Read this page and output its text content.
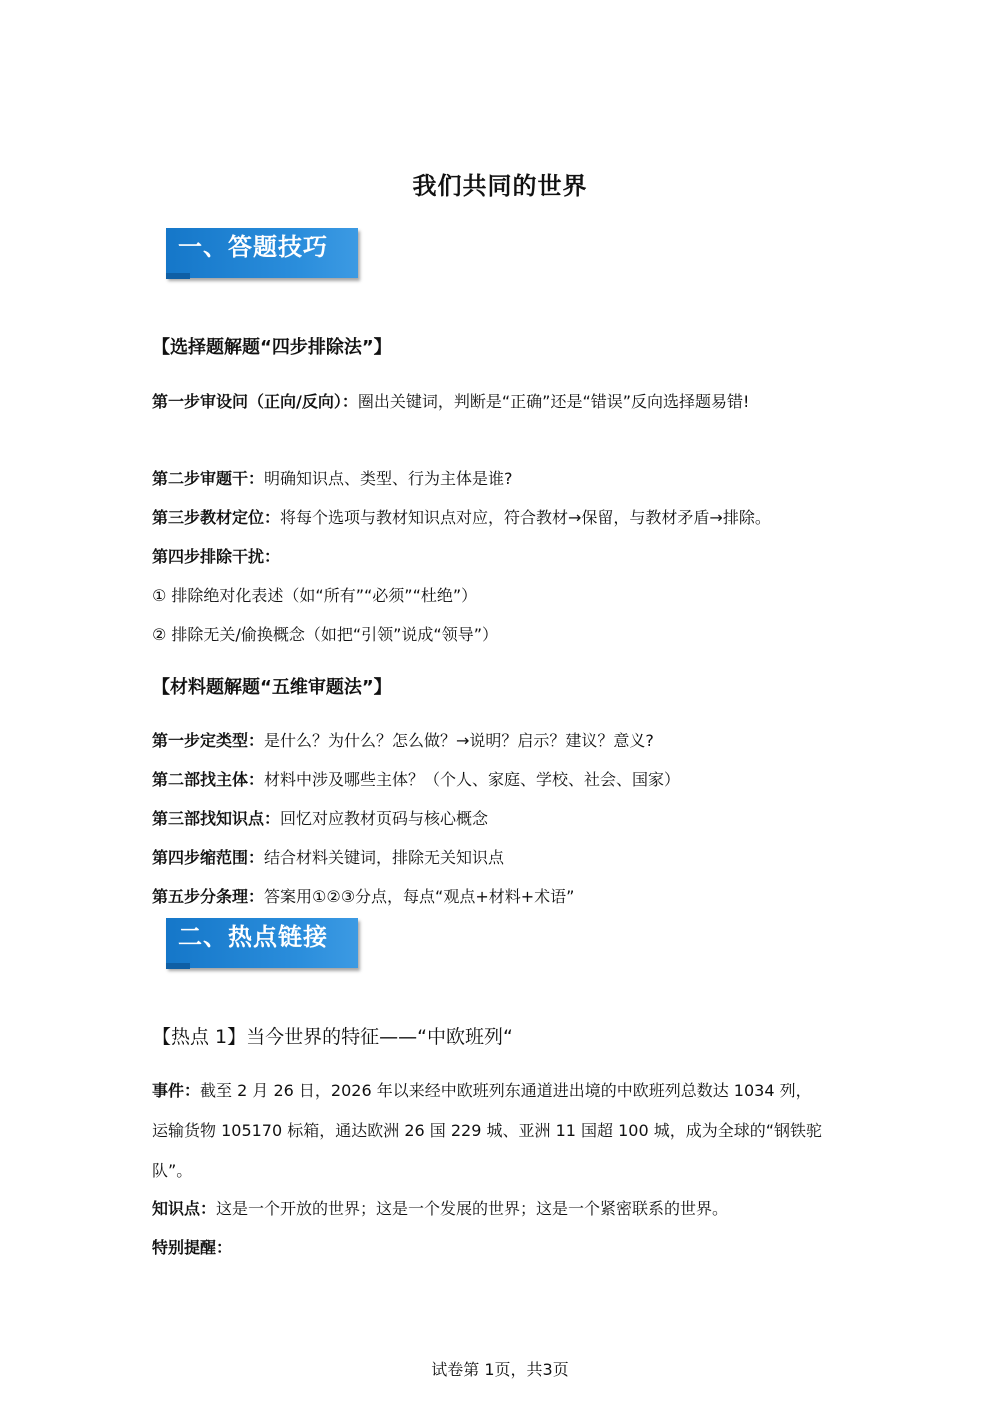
我们共同的世界
一、答题技巧
【选择题解题“四步排除法”】
第一步审设问（正向/反向）：圈出关键词，判断是“正确”还是“错误”反向选择题易错!
第二步审题干：明确知识点、类型、行为主体是谁?
第三步教材定位：将每个选项与教材知识点对应，符合教材→保留，与教材矛盾→排除。
第四步排除干扰：
① 排除绝对化表述（如“所有”“必须”“杜绝”）
② 排除无关/偷换概念（如把“引领”说成“领导”）
【材料题解题“五维审题法”】
第一步定类型：是什么？为什么？怎么做？→说明？启示？建议？意义?
第二部找主体：材料中涉及哪些主体？（个人、家庭、学校、社会、国家）
第三部找知识点：回忆对应教材页码与核心概念
第四步缩范围：结合材料关键词，排除无关知识点
第五步分条理：答案用①②③分点，每点“观点+材料+术语”
二、热点链接
【热点 1】当今世界的特征——“中欧班列“
事件：截至 2 月 26 日，2026 年以来经中欧班列东通道进出境的中欧班列总数达 1034 列，
运输货物 105170 标箱，通达欧洲 26 国 229 城、亚洲 11 国超 100 城，成为全球的“钢铁驼
队”。
知识点：这是一个开放的世界；这是一个发展的世界；这是一个紧密联系的世界。
特别提醒：
试卷第 1页，共3页
